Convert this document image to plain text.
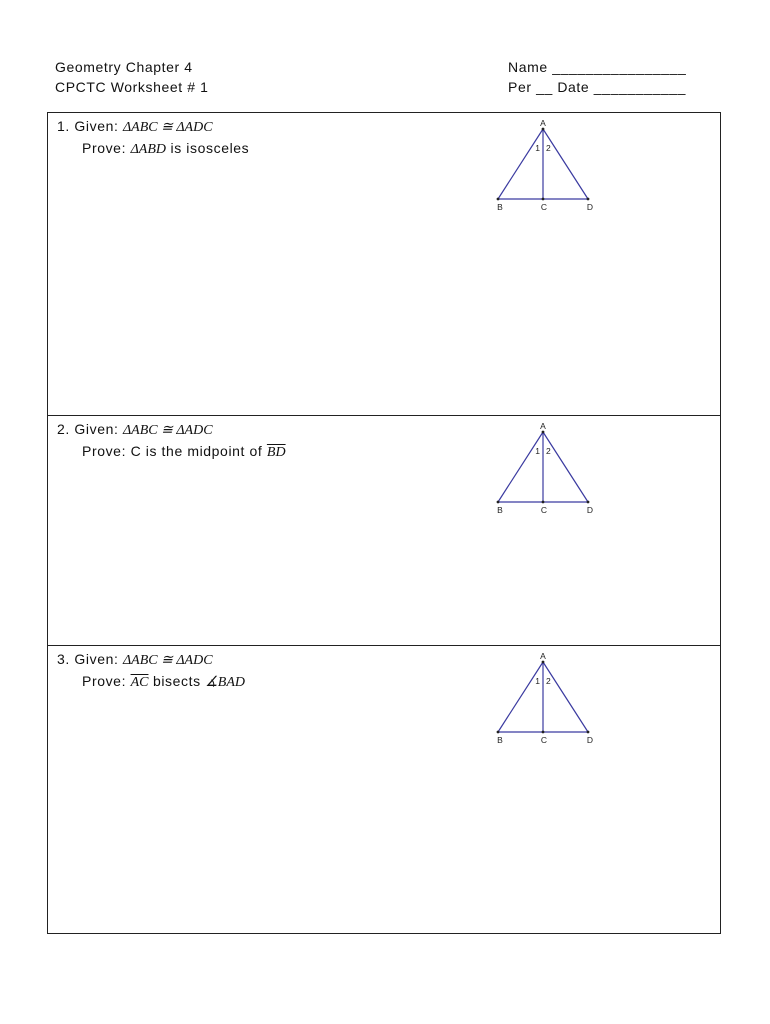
Geometry Chapter 4
CPCTC Worksheet # 1
Name ________________
Per __ Date ___________
1. Given: ΔABC ≅ ΔADC
Prove: ΔABD is isosceles
A
B	C	D
1 2
2. Given: ΔABC ≅ ΔADC
Prove: C is the midpoint of $\overline{BD}$
A
B	C	D
1 2
3. Given: ΔABC ≅ ΔADC
Prove: $\overline{AC}$ bisects ∡BAD
A
B	C	D
1 2
